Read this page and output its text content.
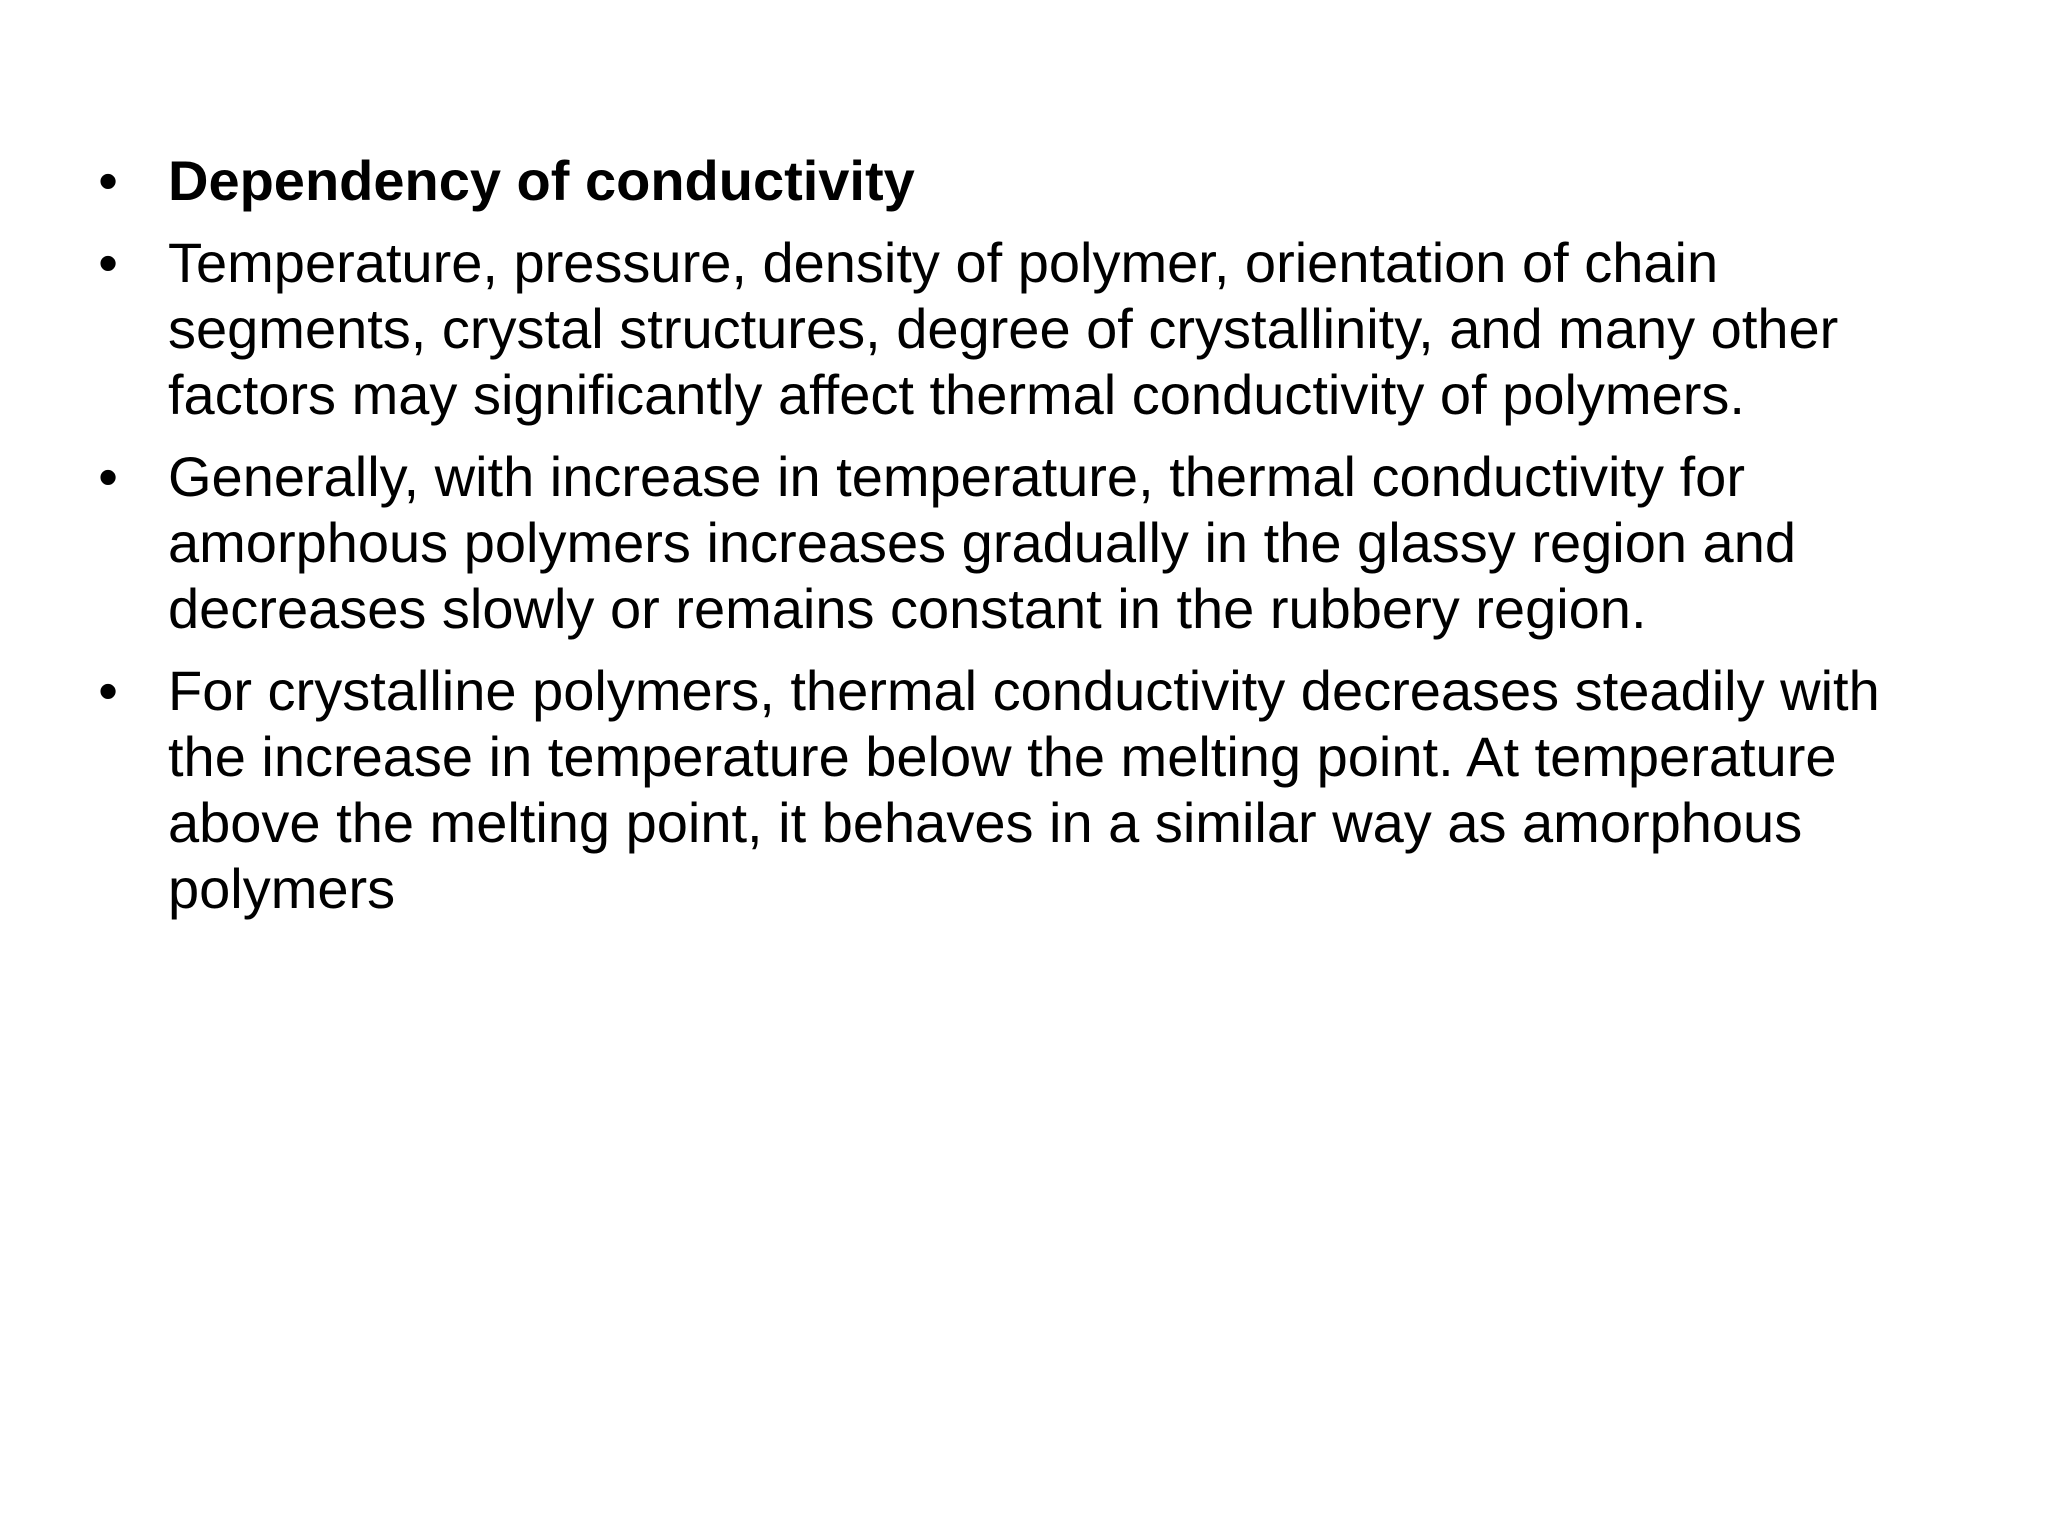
• Dependency of conductivity
• Temperature, pressure, density of polymer, orientation of chain segments, crystal structures, degree of crystallinity, and many other factors may significantly affect thermal conductivity of polymers.
• Generally, with increase in temperature, thermal conductivity for amorphous polymers increases gradually in the glassy region and decreases slowly or remains constant in the rubbery region.
• For crystalline polymers, thermal conductivity decreases steadily with the increase in temperature below the melting point. At temperature above the melting point, it behaves in a similar way as amorphous polymers
